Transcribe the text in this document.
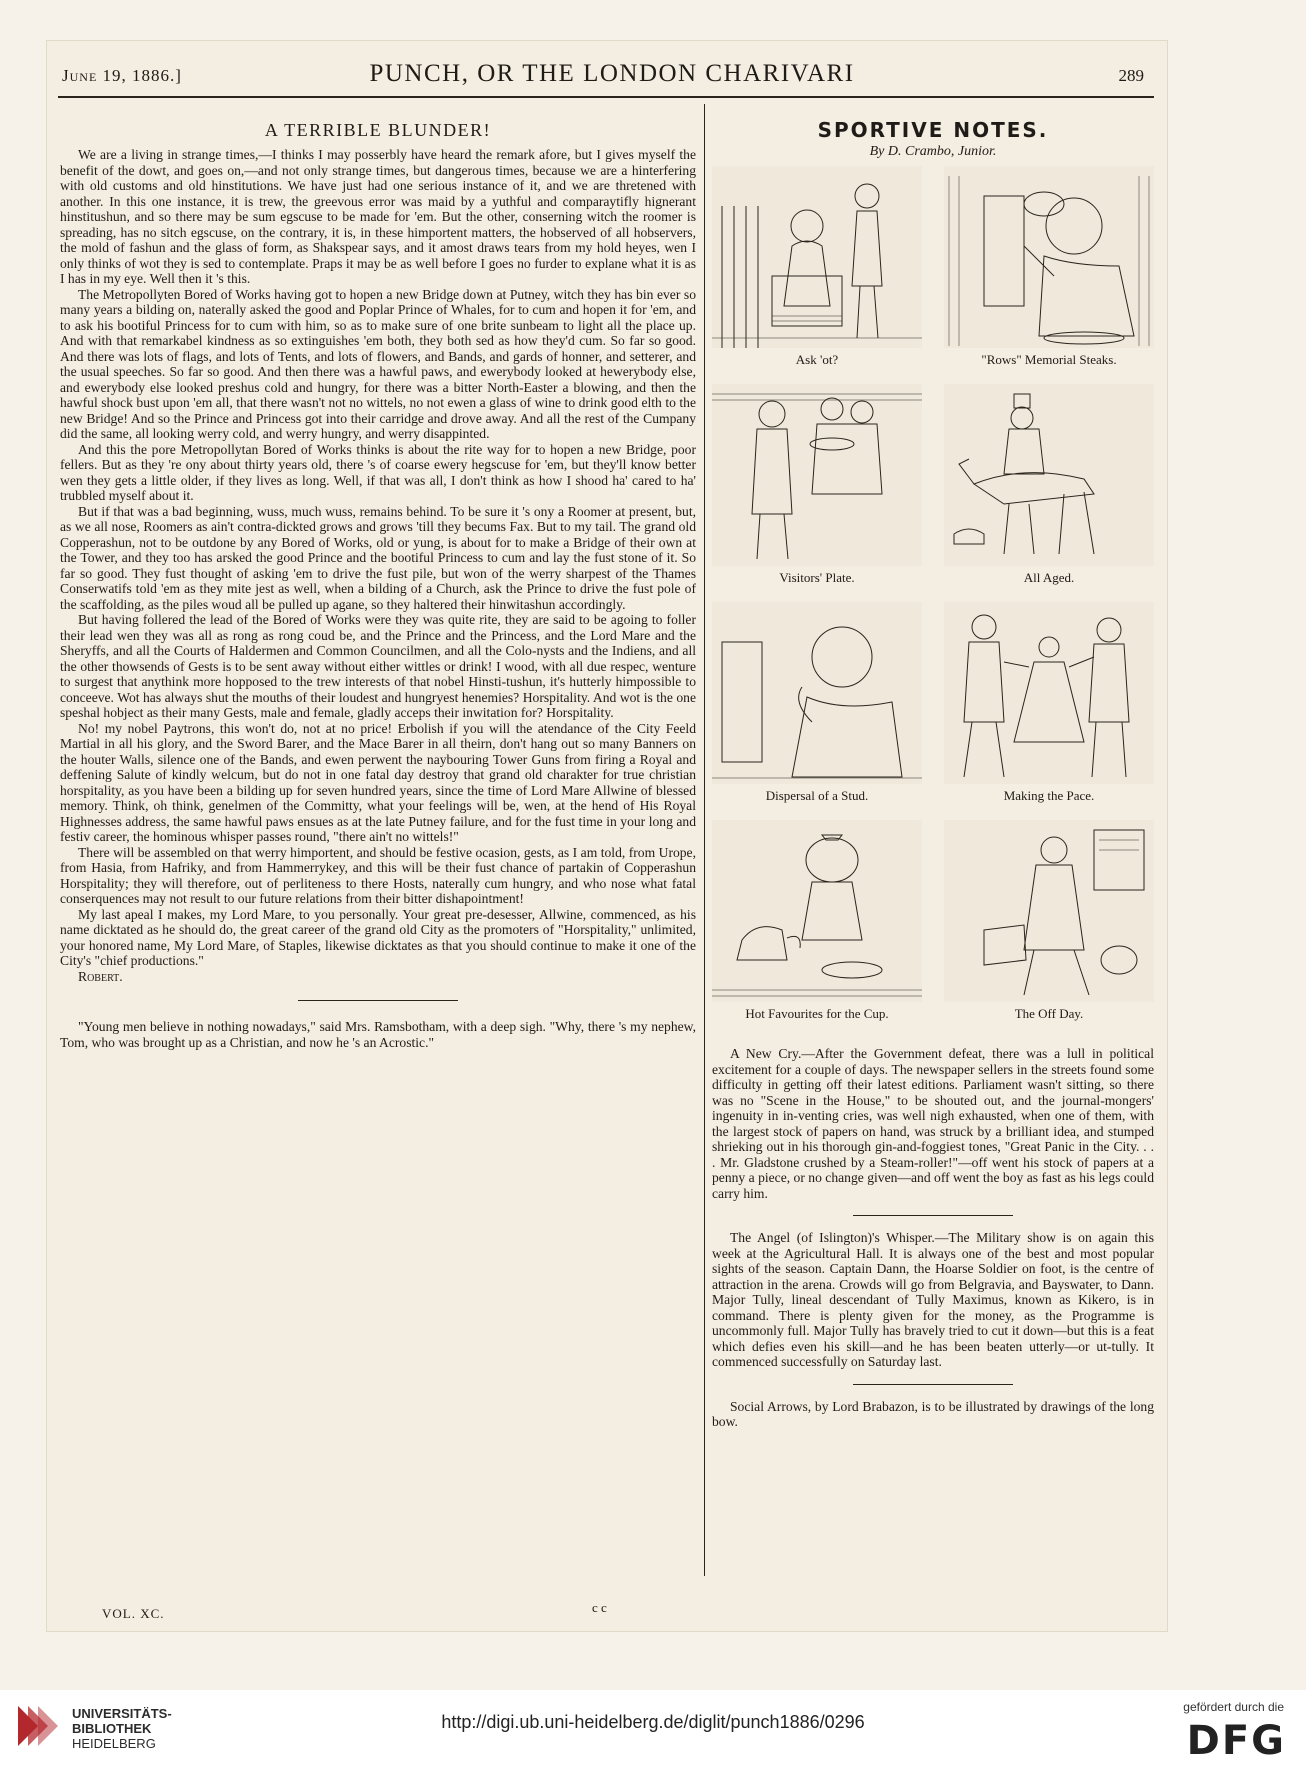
June 19, 1886.]	PUNCH, OR THE LONDON CHARIVARI	289
A TERRIBLE BLUNDER!

We are a living in strange times,—I thinks I may posserbly have heard the remark afore, but I gives myself the benefit of the dowt, and goes on,—and not only strange times, but dangerous times, because we are a hinterfering with old customs and old hinstitutions. We have just had one serious instance of it, and we are thretened with another. In this one instance, it is trew, the greevous error was maid by a yuthful and comparaytifly hignerant hinstitushun, and so there may be sum egscuse to be made for 'em. But the other, conserning witch the roomer is spreading, has no sitch egscuse, on the contrary, it is, in these himportent matters, the hobserved of all hobservers, the mold of fashun and the glass of form, as Shakspear says, and it amost draws tears from my hold heyes, wen I only thinks of wot they is sed to contemplate. Praps it may be as well before I goes no furder to explane what it is as I has in my eye. Well then it 's this.

The Metropollyten Bored of Works having got to hopen a new Bridge down at Putney, witch they has bin ever so many years a bilding on, naterally asked the good and Poplar Prince of Whales, for to cum and hopen it for 'em, and to ask his bootiful Princess for to cum with him, so as to make sure of one brite sunbeam to light all the place up. And with that remarkabel kindness as so extinguishes 'em both, they both sed as how they'd cum. So far so good. And there was lots of flags, and lots of Tents, and lots of flowers, and Bands, and gards of honner, and setterer, and the usual speeches. So far so good. And then there was a hawful paws, and ewerybody looked at hewerybody else, and ewerybody else looked preshus cold and hungry, for there was a bitter North-Easter a blowing, and then the hawful shock bust upon 'em all, that there wasn't not no wittels, no not ewen a glass of wine to drink good elth to the new Bridge! And so the Prince and Princess got into their carridge and drove away. And all the rest of the Cumpany did the same, all looking werry cold, and werry hungry, and werry disappinted.

And this the pore Metropollytan Bored of Works thinks is about the rite way for to hopen a new Bridge, poor fellers. But as they 're ony about thirty years old, there 's of coarse ewery hegscuse for 'em, but they'll know better wen they gets a little older, if they lives as long. Well, if that was all, I don't think as how I shood ha' cared to ha' trubbled myself about it.

But if that was a bad beginning, wuss, much wuss, remains behind. To be sure it 's ony a Roomer at present, but, as we all nose, Roomers as ain't contra-dickted grows and grows 'till they becums Fax. But to my tail. The grand old Copperashun, not to be outdone by any Bored of Works, old or yung, is about for to make a Bridge of their own at the Tower, and they too has arsked the good Prince and the bootiful Princess to cum and lay the fust stone of it. So far so good. They fust thought of asking 'em to drive the fust pile, but won of the werry sharpest of the Thames Conserwatifs told 'em as they mite jest as well, when a bilding of a Church, ask the Prince to drive the fust pole of the scaffolding, as the piles woud all be pulled up agane, so they haltered their hinwitashun accordingly.

But having follered the lead of the Bored of Works were they was quite rite, they are said to be agoing to foller their lead wen they was all as rong as rong coud be, and the Prince and the Princess, and the Lord Mare and the Sheryffs, and all the Courts of Haldermen and Common Councilmen, and all the Colo-nysts and the Indiens, and all the other thowsends of Gests is to be sent away without either wittles or drink! I wood, with all due respec, wenture to surgest that anythink more hopposed to the trew interests of that nobel Hinsti-tushun, it's hutterly himpossible to conceeve. Wot has always shut the mouths of their loudest and hungryest henemies? Horspitality. And wot is the one speshal hobject as their many Gests, male and female, gladly acceps their inwitation for? Horspitality.

No! my nobel Paytrons, this won't do, not at no price! Erbolish if you will the atendance of the City Feeld Martial in all his glory, and the Sword Barer, and the Mace Barer in all theirn, don't hang out so many Banners on the houter Walls, silence one of the Bands, and ewen perwent the naybouring Tower Guns from firing a Royal and deffening Salute of kindly welcum, but do not in one fatal day destroy that grand old charakter for true christian horspitality, as you have been a bilding up for seven hundred years, since the time of Lord Mare Allwine of blessed memory. Think, oh think, genelmen of the Committy, what your feelings will be, wen, at the hend of His Royal Highnesses address, the same hawful paws ensues as at the late Putney failure, and for the fust time in your long and festiv career, the hominous whisper passes round, "there ain't no wittels!"

There will be assembled on that werry himportent, and should be festive ocasion, gests, as I am told, from Urope, from Hasia, from Hafriky, and from Hammerrykey, and this will be their fust chance of partakin of Copperashun Horspitality; they will therefore, out of perliteness to there Hosts, naterally cum hungry, and who nose what fatal conserquences may not result to our future relations from their bitter dishapointment!

My last apeal I makes, my Lord Mare, to you personally. Your great pre-desesser, Allwine, commenced, as his name dicktated as he should do, the great career of the grand old City as the promoters of "Horspitality," unlimited, your honored name, My Lord Mare, of Staples, likewise dicktates as that you should continue to make it one of the City's "chief productions."

Robert.

"Young men believe in nothing nowadays," said Mrs. Ramsbotham, with a deep sigh. "Why, there 's my nephew, Tom, who was brought up as a Christian, and now he 's an Acrostic."

SPORTIVE NOTES.
By D. Crambo, Junior.
Ask 'ot?	"Rows" Memorial Steaks.
Visitors' Plate.	All Aged.
Dispersal of a Stud.	Making the Pace.
Hot Favourites for the Cup.	The Off Day.

A New Cry.—After the Government defeat, there was a lull in political excitement for a couple of days. The newspaper sellers in the streets found some difficulty in getting off their latest editions. Parliament wasn't sitting, so there was no "Scene in the House," to be shouted out, and the journal-mongers' ingenuity in in-venting cries, was well nigh exhausted, when one of them, with the largest stock of papers on hand, was struck by a brilliant idea, and stumped shrieking out in his thorough gin-and-foggiest tones, "Great Panic in the City. . . . Mr. Gladstone crushed by a Steam-roller!"—off went his stock of papers at a penny a piece, or no change given—and off went the boy as fast as his legs could carry him.

The Angel (of Islington)'s Whisper.—The Military show is on again this week at the Agricultural Hall. It is always one of the best and most popular sights of the season. Captain Dann, the Hoarse Soldier on foot, is the centre of attraction in the arena. Crowds will go from Belgravia, and Bayswater, to Dann. Major Tully, lineal descendant of Tully Maximus, known as Kikero, is in command. There is plenty given for the money, as the Programme is uncommonly full. Major Tully has bravely tried to cut it down—but this is a feat which defies even his skill—and he has been beaten utterly—or ut-tully. It commenced successfully on Saturday last.

Social Arrows, by Lord Brabazon, is to be illustrated by drawings of the long bow.

VOL. XC.	c c
UNIVERSITÄTS-
BIBLIOTHEK
HEIDELBERG
http://digi.ub.uni-heidelberg.de/diglit/punch1886/0296
gefördert durch die
DFG
